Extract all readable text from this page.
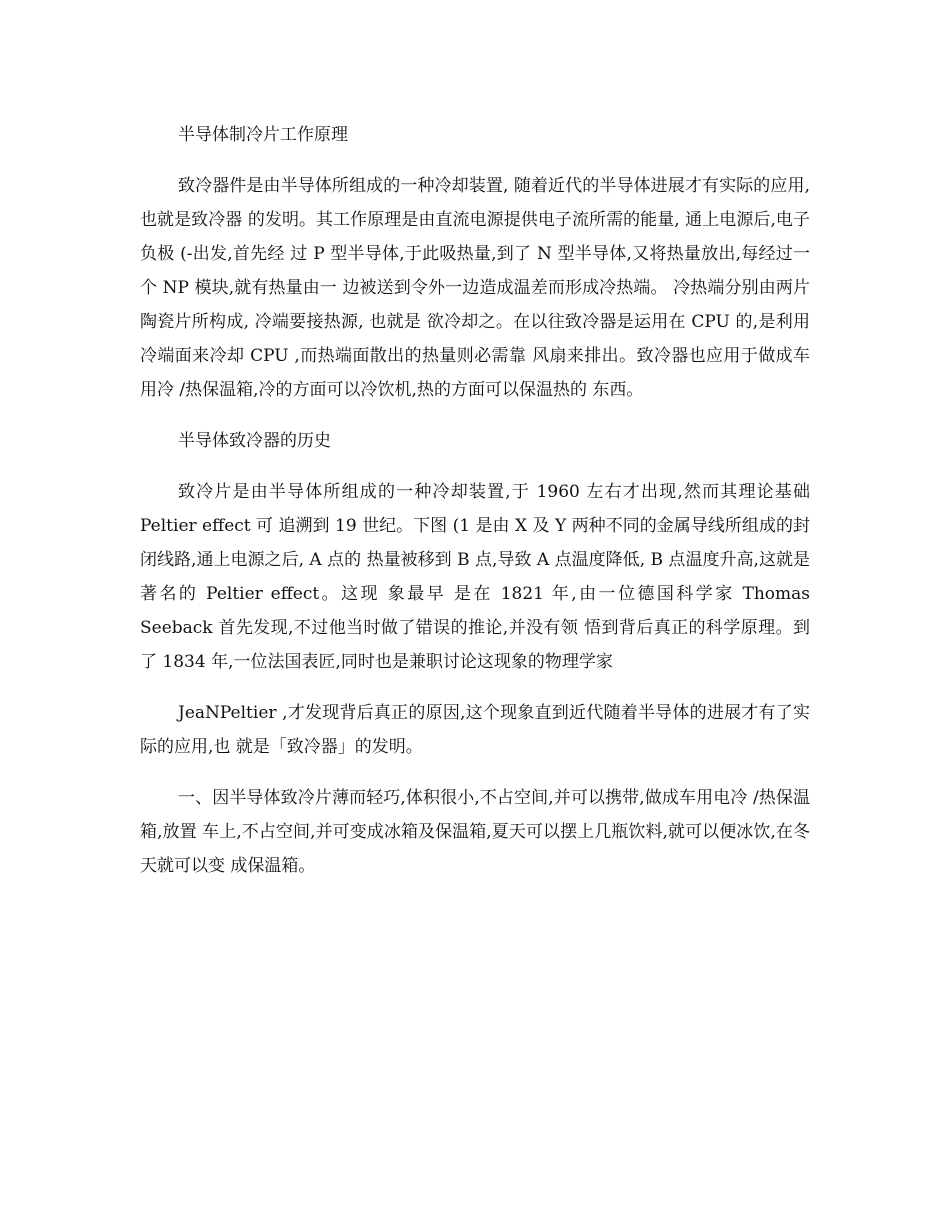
半导体制冷片工作原理

致冷器件是由半导体所组成的一种冷却装置, 随着近代的半导体进展才有实际的应用, 也就是致冷器 的发明。其工作原理是由直流电源提供电子流所需的能量, 通上电源后,电子负极 (-出发,首先经 过 P 型半导体,于此吸热量,到了 N 型半导体,又将热量放出,每经过一个 NP 模块,就有热量由一 边被送到令外一边造成温差而形成冷热端。 冷热端分别由两片陶瓷片所构成, 冷端要接热源, 也就是 欲冷却之。在以往致冷器是运用在 CPU 的,是利用冷端面来冷却 CPU ,而热端面散出的热量则必需靠 风扇来排出。致冷器也应用于做成车用冷 /热保温箱,冷的方面可以冷饮机,热的方面可以保温热的 东西。

半导体致冷器的历史

致冷片是由半导体所组成的一种冷却装置,于 1960 左右才出现,然而其理论基础 Peltier effect 可 追溯到 19 世纪。下图 (1 是由 X 及 Y 两种不同的金属导线所组成的封闭线路,通上电源之后, A 点的 热量被移到 B 点,导致 A 点温度降低, B 点温度升高,这就是著名的 Peltier effect。这现 象最早 是在 1821 年,由一位德国科学家 Thomas Seeback 首先发现,不过他当时做了错误的推论,并没有领 悟到背后真正的科学原理。到了 1834 年,一位法国表匠,同时也是兼职讨论这现象的物理学家

JeaNPeltier ,才发现背后真正的原因,这个现象直到近代随着半导体的进展才有了实际的应用,也 就是「致冷器」的发明。

一、因半导体致冷片薄而轻巧,体积很小,不占空间,并可以携带,做成车用电冷 /热保温箱,放置 车上,不占空间,并可变成冰箱及保温箱,夏天可以摆上几瓶饮料,就可以便冰饮,在冬天就可以变 成保温箱。
